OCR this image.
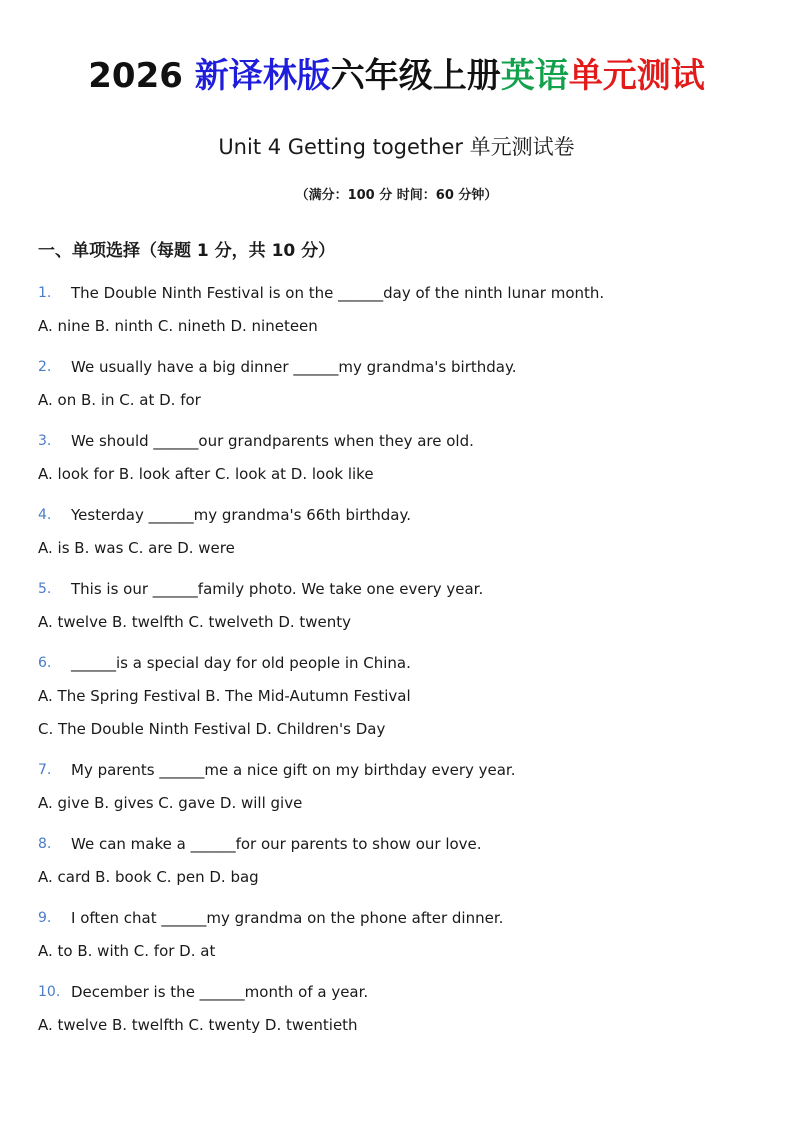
2026 新译林版六年级上册英语单元测试
Unit 4 Getting together 单元测试卷
（满分：100 分 时间：60 分钟）
一、单项选择（每题 1 分，共 10 分）
1.	The Double Ninth Festival is on the ______day of the ninth lunar month.
A. nine B. ninth C. nineth D. nineteen
2.	We usually have a big dinner ______my grandma's birthday.
A. on B. in C. at D. for
3.	We should ______our grandparents when they are old.
A. look for B. look after C. look at D. look like
4.	Yesterday ______my grandma's 66th birthday.
A. is B. was C. are D. were
5.	This is our ______family photo. We take one every year.
A. twelve B. twelfth C. twelveth D. twenty
6.	______is a special day for old people in China.
A. The Spring Festival B. The Mid-Autumn Festival
C. The Double Ninth Festival D. Children's Day
7.	My parents ______me a nice gift on my birthday every year.
A. give B. gives C. gave D. will give
8.	We can make a ______for our parents to show our love.
A. card B. book C. pen D. bag
9.	I often chat ______my grandma on the phone after dinner.
A. to B. with C. for D. at
10. December is the ______month of a year.
A. twelve B. twelfth C. twenty D. twentieth
